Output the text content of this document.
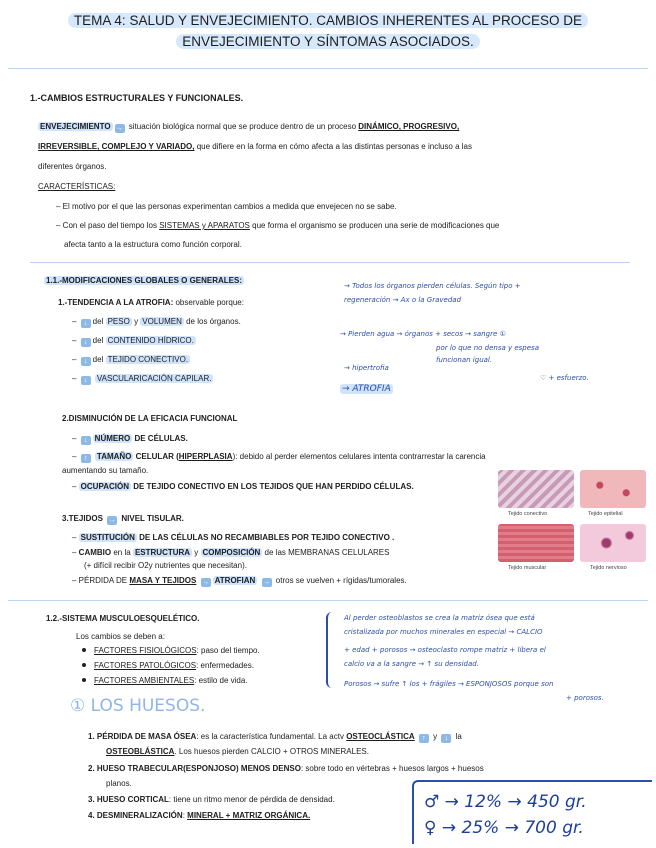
TEMA 4: SALUD Y ENVEJECIMIENTO. CAMBIOS INHERENTES AL PROCESO DE
ENVEJECIMIENTO Y SÍNTOMAS ASOCIADOS.
1.-CAMBIOS ESTRUCTURALES Y FUNCIONALES.
ENVEJECIMIENTO → situación biológica normal que se produce dentro de un proceso DINÁMICO, PROGRESIVO,
IRREVERSIBLE, COMPLEJO Y VARIADO, que difiere en la forma en cómo afecta a las distintas personas e incluso a las
diferentes órganos.
CARACTERÍSTICAS:
– El motivo por el que las personas experimentan cambios a medida que envejecen no se sabe.
– Con el paso del tiempo los SISTEMAS y APARATOS que forma el organismo se producen una serie de modificaciones que
afecta tanto a la estructura como función corporal.
1.1.-MODIFICACIONES GLOBALES O GENERALES:
1.-TENDENCIA A LA ATROFIA: observable porque:
– ↓ del PESO y VOLUMEN de los órganos.
– ↓ del CONTENIDO HÍDRICO.
– ↓ del TEJIDO CONECTIVO.
– ↓ VASCULARICACIÓN CAPILAR.
→ Todos los órganos pierden células. Según tipo +
regeneración → Ax o la Gravedad
→ Pierden agua → órganos + secos → sangre ①
por lo que no densa y espesa
funcionan igual.
→ hipertrofia
→ ATROFIA
♡ + esfuerzo.
2.DISMINUCIÓN DE LA EFICACIA FUNCIONAL
– ↓ NÚMERO DE CÉLULAS.
– ↑ TAMAÑO CELULAR (HIPERPLASIA): debido al perder elementos celulares intenta contrarrestar la carencia
aumentando su tamaño.
– OCUPACIÓN DE TEJIDO CONECTIVO EN LOS TEJIDOS QUE HAN PERDIDO CÉLULAS.
3.TEJIDOS → NIVEL TISULAR.
– SUSTITUCIÓN DE LAS CÉLULAS NO RECAMBIABLES POR TEJIDO CONECTIVO .
– CAMBIO en la ESTRUCTURA y COMPOSICIÓN de las MEMBRANAS CELULARES
(+ difícil recibir O2y nutrientes que necesitan).
– PÉRDIDA DE MASA Y TEJIDOS → ATROFIAN → otros se vuelven + rígidas/tumorales.
Tejido conectivo	Tejido epitelial
Tejido muscular	Tejido nervioso
1.2.-SISTEMA MUSCULOESQUELÉTICO.
Los cambios se deben a:
FACTORES FISIOLÓGICOS: paso del tiempo.
FACTORES PATOLÓGICOS: enfermedades.
FACTORES AMBIENTALES: estilo de vida.
Al perder osteoblastos se crea la matriz ósea que está
cristalizada por muchos minerales en especial → CALCIO
+ edad + porosos → osteoclasto rompe matriz + libera el
calcio va a la sangre → ↑ su densidad.
Porosos → sufre ↑ los + frágiles → ESPONJOSOS porque son
+ porosos.
① LOS HUESOS.
1. PÉRDIDA DE MASA ÓSEA: es la característica fundamental. La actv OSTEOCLÁSTICA ↑ y ↓ la
OSTEOBLÁSTICA. Los huesos pierden CALCIO + OTROS MINERALES.
2. HUESO TRABECULAR(ESPONJOSO) MENOS DENSO: sobre todo en vértebras + huesos largos + huesos
planos.
3. HUESO CORTICAL: tiene un ritmo menor de pérdida de densidad.
4. DESMINERALIZACIÓN: MINERAL + MATRIZ ORGÁNICA.
♂ → 12% → 450 gr.
♀ → 25% → 700 gr.
